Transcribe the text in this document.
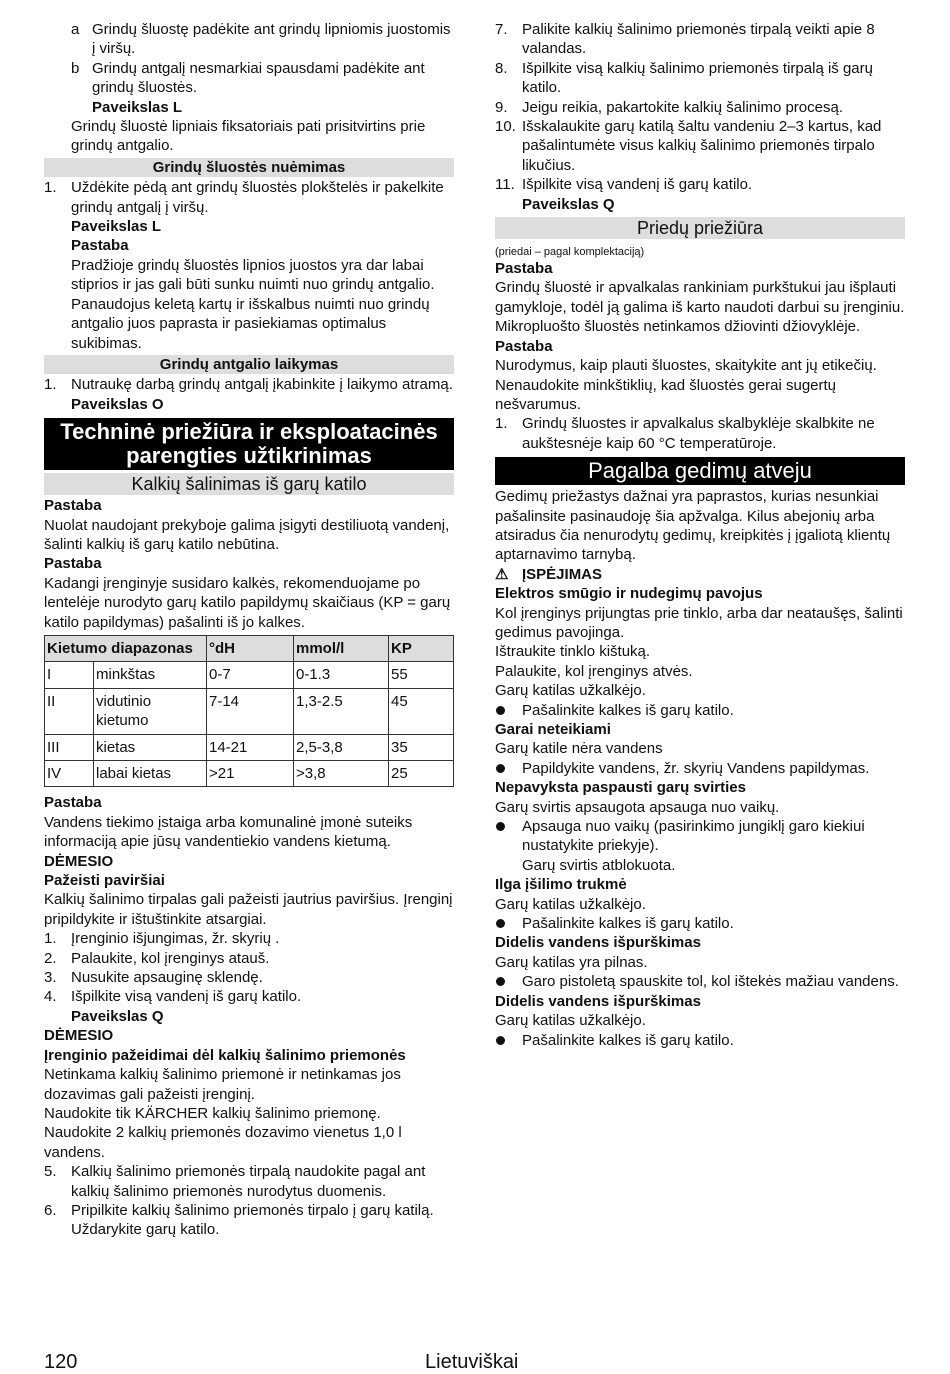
a Grindų šluostę padėkite ant grindų lipniomis juostomis į viršų.
b Grindų antgalį nesmarkiai spausdami padėkite ant grindų šluostės.

Paveikslas L

Grindų šluostė lipniais fiksatoriais pati prisitvirtins prie grindų antgalio.

Grindų šluostės nuėmimas
1. Uždėkite pėdą ant grindų šluostės plokštelės ir pakelkite grindų antgalį į viršų.

Paveikslas L

Pastaba

Pradžioje grindų šluostės lipnios juostos yra dar labai stiprios ir jas gali būti sunku nuimti nuo grindų antgalio. Panaudojus keletą kartų ir išskalbus nuimti nuo grindų antgalio juos paprasta ir pasiekiamas optimalus sukibimas.

Grindų antgalio laikymas
1. Nutraukę darbą grindų antgalį įkabinkite į laikymo atramą.

Paveikslas O

Techninė priežiūra ir eksploatacinės parengties užtikrinimas
Kalkių šalinimas iš garų katilo

Pastaba

Nuolat naudojant prekyboje galima įsigyti destiliuotą vandenį, šalinti kalkių iš garų katilo nebūtina.

Pastaba

Kadangi įrenginyje susidaro kalkės, rekomenduojame po lentelėje nurodyto garų katilo papildymų skaičiaus (KP = garų katilo papildymas) pašalinti iš jo kalkes.

Kietumo diapazonas		°dH	mmol/l	KP
I	minkštas	0-7	0-1.3	55
II	vidutinio kietumo	7-14	1,3-2.5	45
III	kietas	14-21	2,5-3,8	35
IV	labai kietas	>21	>3,8	25

Pastaba

Vandens tiekimo įstaiga arba komunalinė įmonė suteiks informaciją apie jūsų vandentiekio vandens kietumą.

DĖMESIO

Pažeisti paviršiai

Kalkių šalinimo tirpalas gali pažeisti jautrius paviršius. Įrenginį pripildykite ir ištuštinkite atsargiai.

1. Įrenginio išjungimas, žr. skyrių .
2. Palaukite, kol įrenginys atauš.
3. Nusukite apsauginę sklendę.
4. Išpilkite visą vandenį iš garų katilo.

Paveikslas Q

DĖMESIO

Įrenginio pažeidimai dėl kalkių šalinimo priemonės

Netinkama kalkių šalinimo priemonė ir netinkamas jos dozavimas gali pažeisti įrenginį.

Naudokite tik KÄRCHER kalkių šalinimo priemonę.

Naudokite 2 kalkių priemonės dozavimo vienetus 1,0 l vandens.

5. Kalkių šalinimo priemonės tirpalą naudokite pagal ant kalkių šalinimo priemonės nurodytus duomenis.
6. Pripilkite kalkių šalinimo priemonės tirpalo į garų katilą. Uždarykite garų katilo.
7. Palikite kalkių šalinimo priemonės tirpalą veikti apie 8 valandas.
8. Išpilkite visą kalkių šalinimo priemonės tirpalą iš garų katilo.
9. Jeigu reikia, pakartokite kalkių šalinimo procesą.
10. Išskalaukite garų katilą šaltu vandeniu 2–3 kartus, kad pašalintumėte visus kalkių šalinimo priemonės tirpalo likučius.
11. Išpilkite visą vandenį iš garų katilo.

Paveikslas Q

Priedų priežiūra

(priedai – pagal komplektaciją)

Pastaba

Grindų šluostė ir apvalkalas rankiniam purkštukui jau išplauti gamykloje, todėl ją galima iš karto naudoti darbui su įrenginiu. Mikropluošto šluostės netinkamos džiovinti džiovyklėje.

Pastaba

Nurodymus, kaip plauti šluostes, skaitykite ant jų etikečių. Nenaudokite minkštiklių, kad šluostės gerai sugertų nešvarumus.

1. Grindų šluostes ir apvalkalus skalbyklėje skalbkite ne aukštesnėje kaip 60 °C temperatūroje.
Pagalba gedimų atveju

Gedimų priežastys dažnai yra paprastos, kurias nesunkiai pašalinsite pasinaudoję šia apžvalga. Kilus abejonių arba atsiradus čia nenurodytų gedimų, kreipkitės į įgaliotą klientų aptarnavimo tarnybą.

⚠ ĮSPĖJIMAS

Elektros smūgio ir nudegimų pavojus

Kol įrenginys prijungtas prie tinklo, arba dar neataušęs, šalinti gedimus pavojinga.

Ištraukite tinklo kištuką.

Palaukite, kol įrenginys atvės.

Garų katilas užkalkėjo.

Pašalinkite kalkes iš garų katilo.

Garai neteikiami

Garų katile nėra vandens

Papildykite vandens, žr. skyrių Vandens papildymas.

Nepavyksta paspausti garų svirties

Garų svirtis apsaugota apsauga nuo vaikų.

Apsauga nuo vaikų (pasirinkimo jungiklį garo kiekiui nustatykite priekyje).

Garų svirtis atblokuota.

Ilga įšilimo trukmė

Garų katilas užkalkėjo.

Pašalinkite kalkes iš garų katilo.

Didelis vandens išpurškimas

Garų katilas yra pilnas.

Garo pistoletą spauskite tol, kol ištekės mažiau vandens.

Didelis vandens išpurškimas

Garų katilas užkalkėjo.

Pašalinkite kalkes iš garų katilo.
120	Lietuviškai
